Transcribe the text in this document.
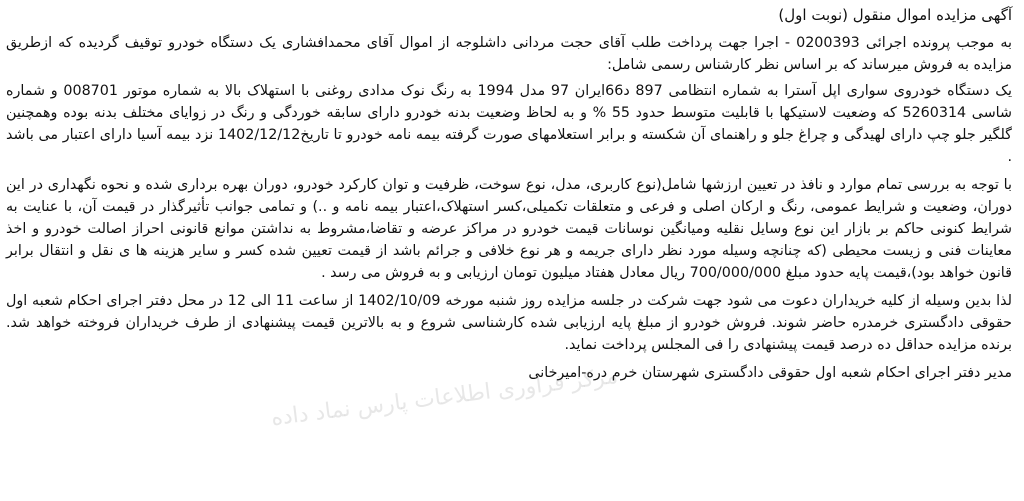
آگهی مزایده اموال منقول (نوبت اول)

به موجب پرونده اجرائی 0200393 - اجرا جهت پرداخت طلب آقای حجت مردانی داشلوجه از اموال آقای محمدافشاری یک دستگاه خودرو توقیف گردیده که ازطریق مزایده به فروش میرساند که بر اساس نظر کارشناس رسمی شامل:

یک دستگاه خودروی سواری اپل آسترا به شماره انتظامی 897 د66ایران 97 مدل 1994 به رنگ نوک مدادی روغنی با استهلاک بالا به شماره موتور 008701 و شماره شاسی 5260314 که وضعیت لاستیکها با قابلیت متوسط حدود 55 % و به لحاظ وضعیت بدنه خودرو دارای سابقه خوردگی و رنگ در زوایای مختلف بدنه بوده وهمچنین گلگیر جلو چپ دارای لهیدگی و چراغ جلو و راهنمای آن شکسته و برابر استعلامهای صورت گرفته بیمه نامه خودرو تا تاریخ1402/12/12 نزد بیمه آسیا دارای اعتبار می باشد .

با توجه به بررسی تمام موارد و نافذ در تعیین ارزشها شامل(نوع کاربری، مدل، نوع سوخت، ظرفیت و توان کارکرد خودرو، دوران بهره برداری شده و نحوه نگهداری در این دوران، وضعیت و شرایط عمومی، رنگ و ارکان اصلی و فرعی و متعلقات تکمیلی،کسر استهلاک،اعتبار بیمه نامه و ..) و تمامی جوانب تأثیرگذار در قیمت آن، با عنایت به شرایط کنونی حاکم بر بازار این نوع وسایل نقلیه ومیانگین نوسانات قیمت خودرو در مراکز عرضه و تقاضا،مشروط به نداشتن موانع قانونی احراز اصالت خودرو و اخذ معاینات فنی و زیست محیطی (که چنانچه وسیله مورد نظر دارای جریمه و هر نوع خلافی و جرائم باشد از قیمت تعیین شده کسر و سایر هزینه ها ی نقل و انتقال برابر قانون خواهد بود)،قیمت پایه حدود مبلغ 700/000/000 ریال معادل هفتاد میلیون تومان ارزیابی و به فروش می رسد .

لذا بدین وسیله از کلیه خریداران دعوت می شود جهت شرکت در جلسه مزایده روز شنبه مورخه 1402/10/09 از ساعت 11 الی 12 در محل دفتر اجرای احکام شعبه اول حقوقی دادگستری خرمدره حاضر شوند. فروش خودرو از مبلغ پایه ارزیابی شده کارشناسی شروع و به بالاترین قیمت پیشنهادی از طرف خریداران فروخته خواهد شد. برنده مزایده حداقل ده درصد قیمت پیشنهادی را فی المجلس پرداخت نماید.

مدیر دفتر اجرای احکام شعبه اول حقوقی دادگستری شهرستان خرم دره-امیرخانی

مرکز فراوری اطلاعات پارس نماد داده
